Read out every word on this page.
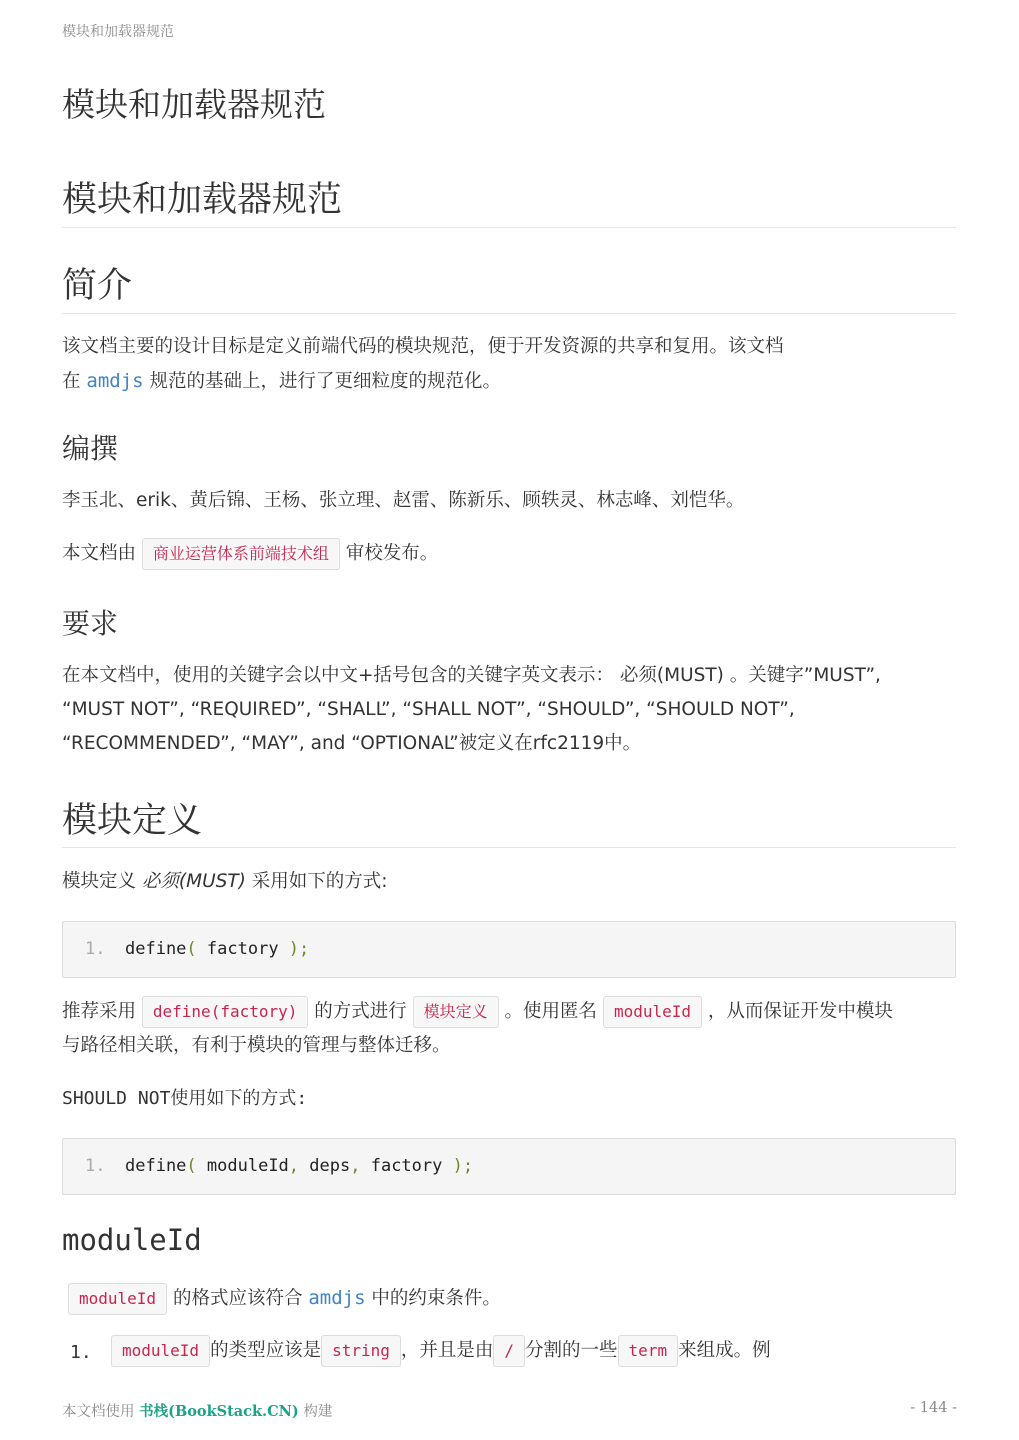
模块和加载器规范
模块和加载器规范
模块和加载器规范
简介

该文档主要的设计目标是定义前端代码的模块规范，便于开发资源的共享和复用。该文档
在 amdjs 规范的基础上，进行了更细粒度的规范化。

编撰

李玉北、erik、黄后锦、王杨、张立理、赵雷、陈新乐、顾轶灵、林志峰、刘恺华。

本文档由 商业运营体系前端技术组 审校发布。

要求

在本文档中，使用的关键字会以中文+括号包含的关键字英文表示： 必须(MUST) 。关键字”MUST”,
“MUST NOT”, “REQUIRED”, “SHALL”, “SHALL NOT”, “SHOULD”, “SHOULD NOT”,
“RECOMMENDED”, “MAY”, and “OPTIONAL”被定义在rfc2119中。

模块定义

模块定义 必须(MUST) 采用如下的方式:

1. define( factory );

推荐采用 define(factory) 的方式进行 模块定义 。使用匿名 moduleId ，从而保证开发中模块
与路径相关联，有利于模块的管理与整体迁移。

SHOULD NOT使用如下的方式:

1. define( moduleId, deps, factory );
moduleId

moduleId 的格式应该符合 amdjs 中的约束条件。

1.	moduleId 的类型应该是 string ，并且是由 / 分割的一些 term 来组成。例

本文档使用 书栈(BookStack.CN) 构建	- 144 -
